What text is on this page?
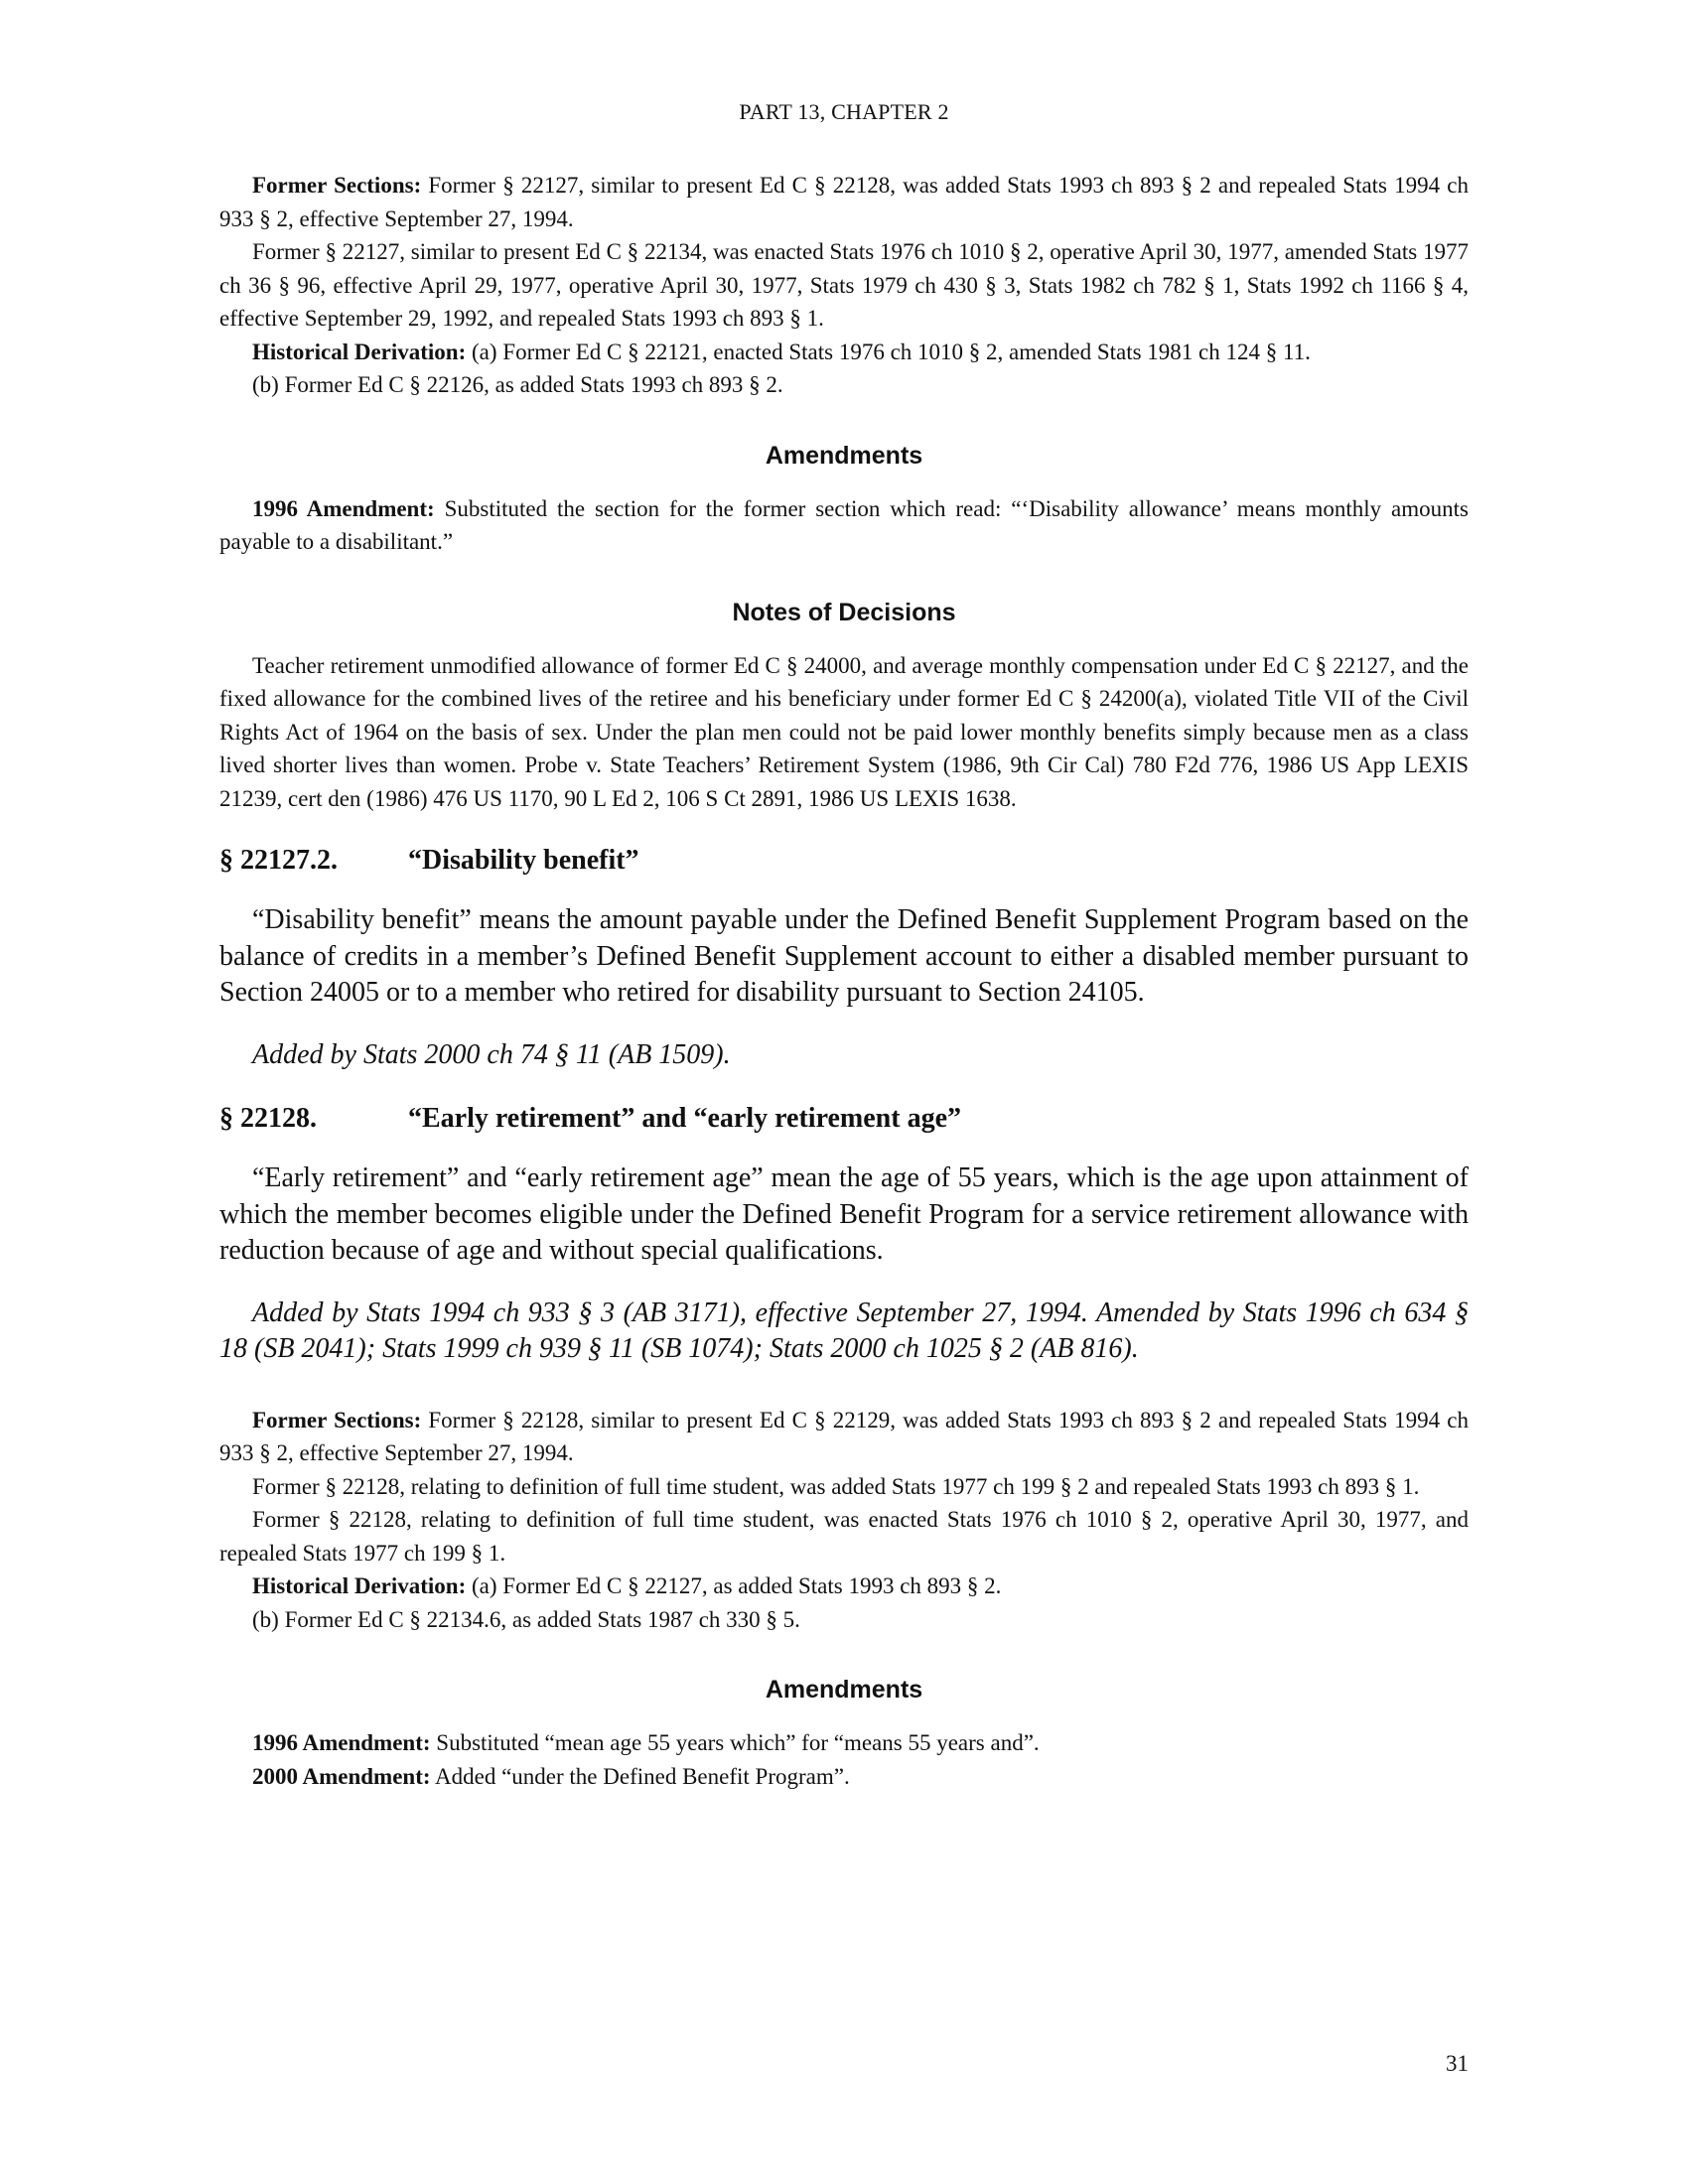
PART 13, CHAPTER 2

Former Sections: Former § 22127, similar to present Ed C § 22128, was added Stats 1993 ch 893 § 2 and repealed Stats 1994 ch 933 § 2, effective September 27, 1994.

Former § 22127, similar to present Ed C § 22134, was enacted Stats 1976 ch 1010 § 2, operative April 30, 1977, amended Stats 1977 ch 36 § 96, effective April 29, 1977, operative April 30, 1977, Stats 1979 ch 430 § 3, Stats 1982 ch 782 § 1, Stats 1992 ch 1166 § 4, effective September 29, 1992, and repealed Stats 1993 ch 893 § 1.

Historical Derivation: (a) Former Ed C § 22121, enacted Stats 1976 ch 1010 § 2, amended Stats 1981 ch 124 § 11.

(b) Former Ed C § 22126, as added Stats 1993 ch 893 § 2.

Amendments

1996 Amendment: Substituted the section for the former section which read: “‘Disability allowance’ means monthly amounts payable to a disabilitant.”

Notes of Decisions

Teacher retirement unmodified allowance of former Ed C § 24000, and average monthly compensation under Ed C § 22127, and the fixed allowance for the combined lives of the retiree and his beneficiary under former Ed C § 24200(a), violated Title VII of the Civil Rights Act of 1964 on the basis of sex. Under the plan men could not be paid lower monthly benefits simply because men as a class lived shorter lives than women. Probe v. State Teachers’ Retirement System (1986, 9th Cir Cal) 780 F2d 776, 1986 US App LEXIS 21239, cert den (1986) 476 US 1170, 90 L Ed 2, 106 S Ct 2891, 1986 US LEXIS 1638.

§ 22127.2.	“Disability benefit”

“Disability benefit” means the amount payable under the Defined Benefit Supplement Program based on the balance of credits in a member’s Defined Benefit Supplement account to either a disabled member pursuant to Section 24005 or to a member who retired for disability pursuant to Section 24105.

Added by Stats 2000 ch 74 § 11 (AB 1509).

§ 22128.	“Early retirement” and “early retirement age”

“Early retirement” and “early retirement age” mean the age of 55 years, which is the age upon attainment of which the member becomes eligible under the Defined Benefit Program for a service retirement allowance with reduction because of age and without special qualifications.

Added by Stats 1994 ch 933 § 3 (AB 3171), effective September 27, 1994. Amended by Stats 1996 ch 634 § 18 (SB 2041); Stats 1999 ch 939 § 11 (SB 1074); Stats 2000 ch 1025 § 2 (AB 816).

Former Sections: Former § 22128, similar to present Ed C § 22129, was added Stats 1993 ch 893 § 2 and repealed Stats 1994 ch 933 § 2, effective September 27, 1994.

Former § 22128, relating to definition of full time student, was added Stats 1977 ch 199 § 2 and repealed Stats 1993 ch 893 § 1.

Former § 22128, relating to definition of full time student, was enacted Stats 1976 ch 1010 § 2, operative April 30, 1977, and repealed Stats 1977 ch 199 § 1.

Historical Derivation: (a) Former Ed C § 22127, as added Stats 1993 ch 893 § 2.

(b) Former Ed C § 22134.6, as added Stats 1987 ch 330 § 5.

Amendments

1996 Amendment: Substituted “mean age 55 years which” for “means 55 years and”.

2000 Amendment: Added “under the Defined Benefit Program”.

31
